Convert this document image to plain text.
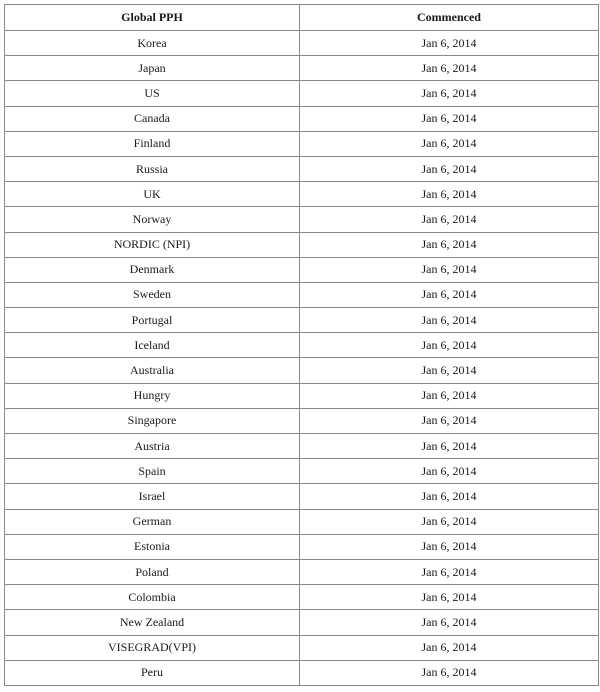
Global PPH	Commenced
Korea	Jan 6, 2014
Japan	Jan 6, 2014
US	Jan 6, 2014
Canada	Jan 6, 2014
Finland	Jan 6, 2014
Russia	Jan 6, 2014
UK	Jan 6, 2014
Norway	Jan 6, 2014
NORDIC (NPI)	Jan 6, 2014
Denmark	Jan 6, 2014
Sweden	Jan 6, 2014
Portugal	Jan 6, 2014
Iceland	Jan 6, 2014
Australia	Jan 6, 2014
Hungry	Jan 6, 2014
Singapore	Jan 6, 2014
Austria	Jan 6, 2014
Spain	Jan 6, 2014
Israel	Jan 6, 2014
German	Jan 6, 2014
Estonia	Jan 6, 2014
Poland	Jan 6, 2014
Colombia	Jan 6, 2014
New Zealand	Jan 6, 2014
VISEGRAD(VPI)	Jan 6, 2014
Peru	Jan 6, 2014
